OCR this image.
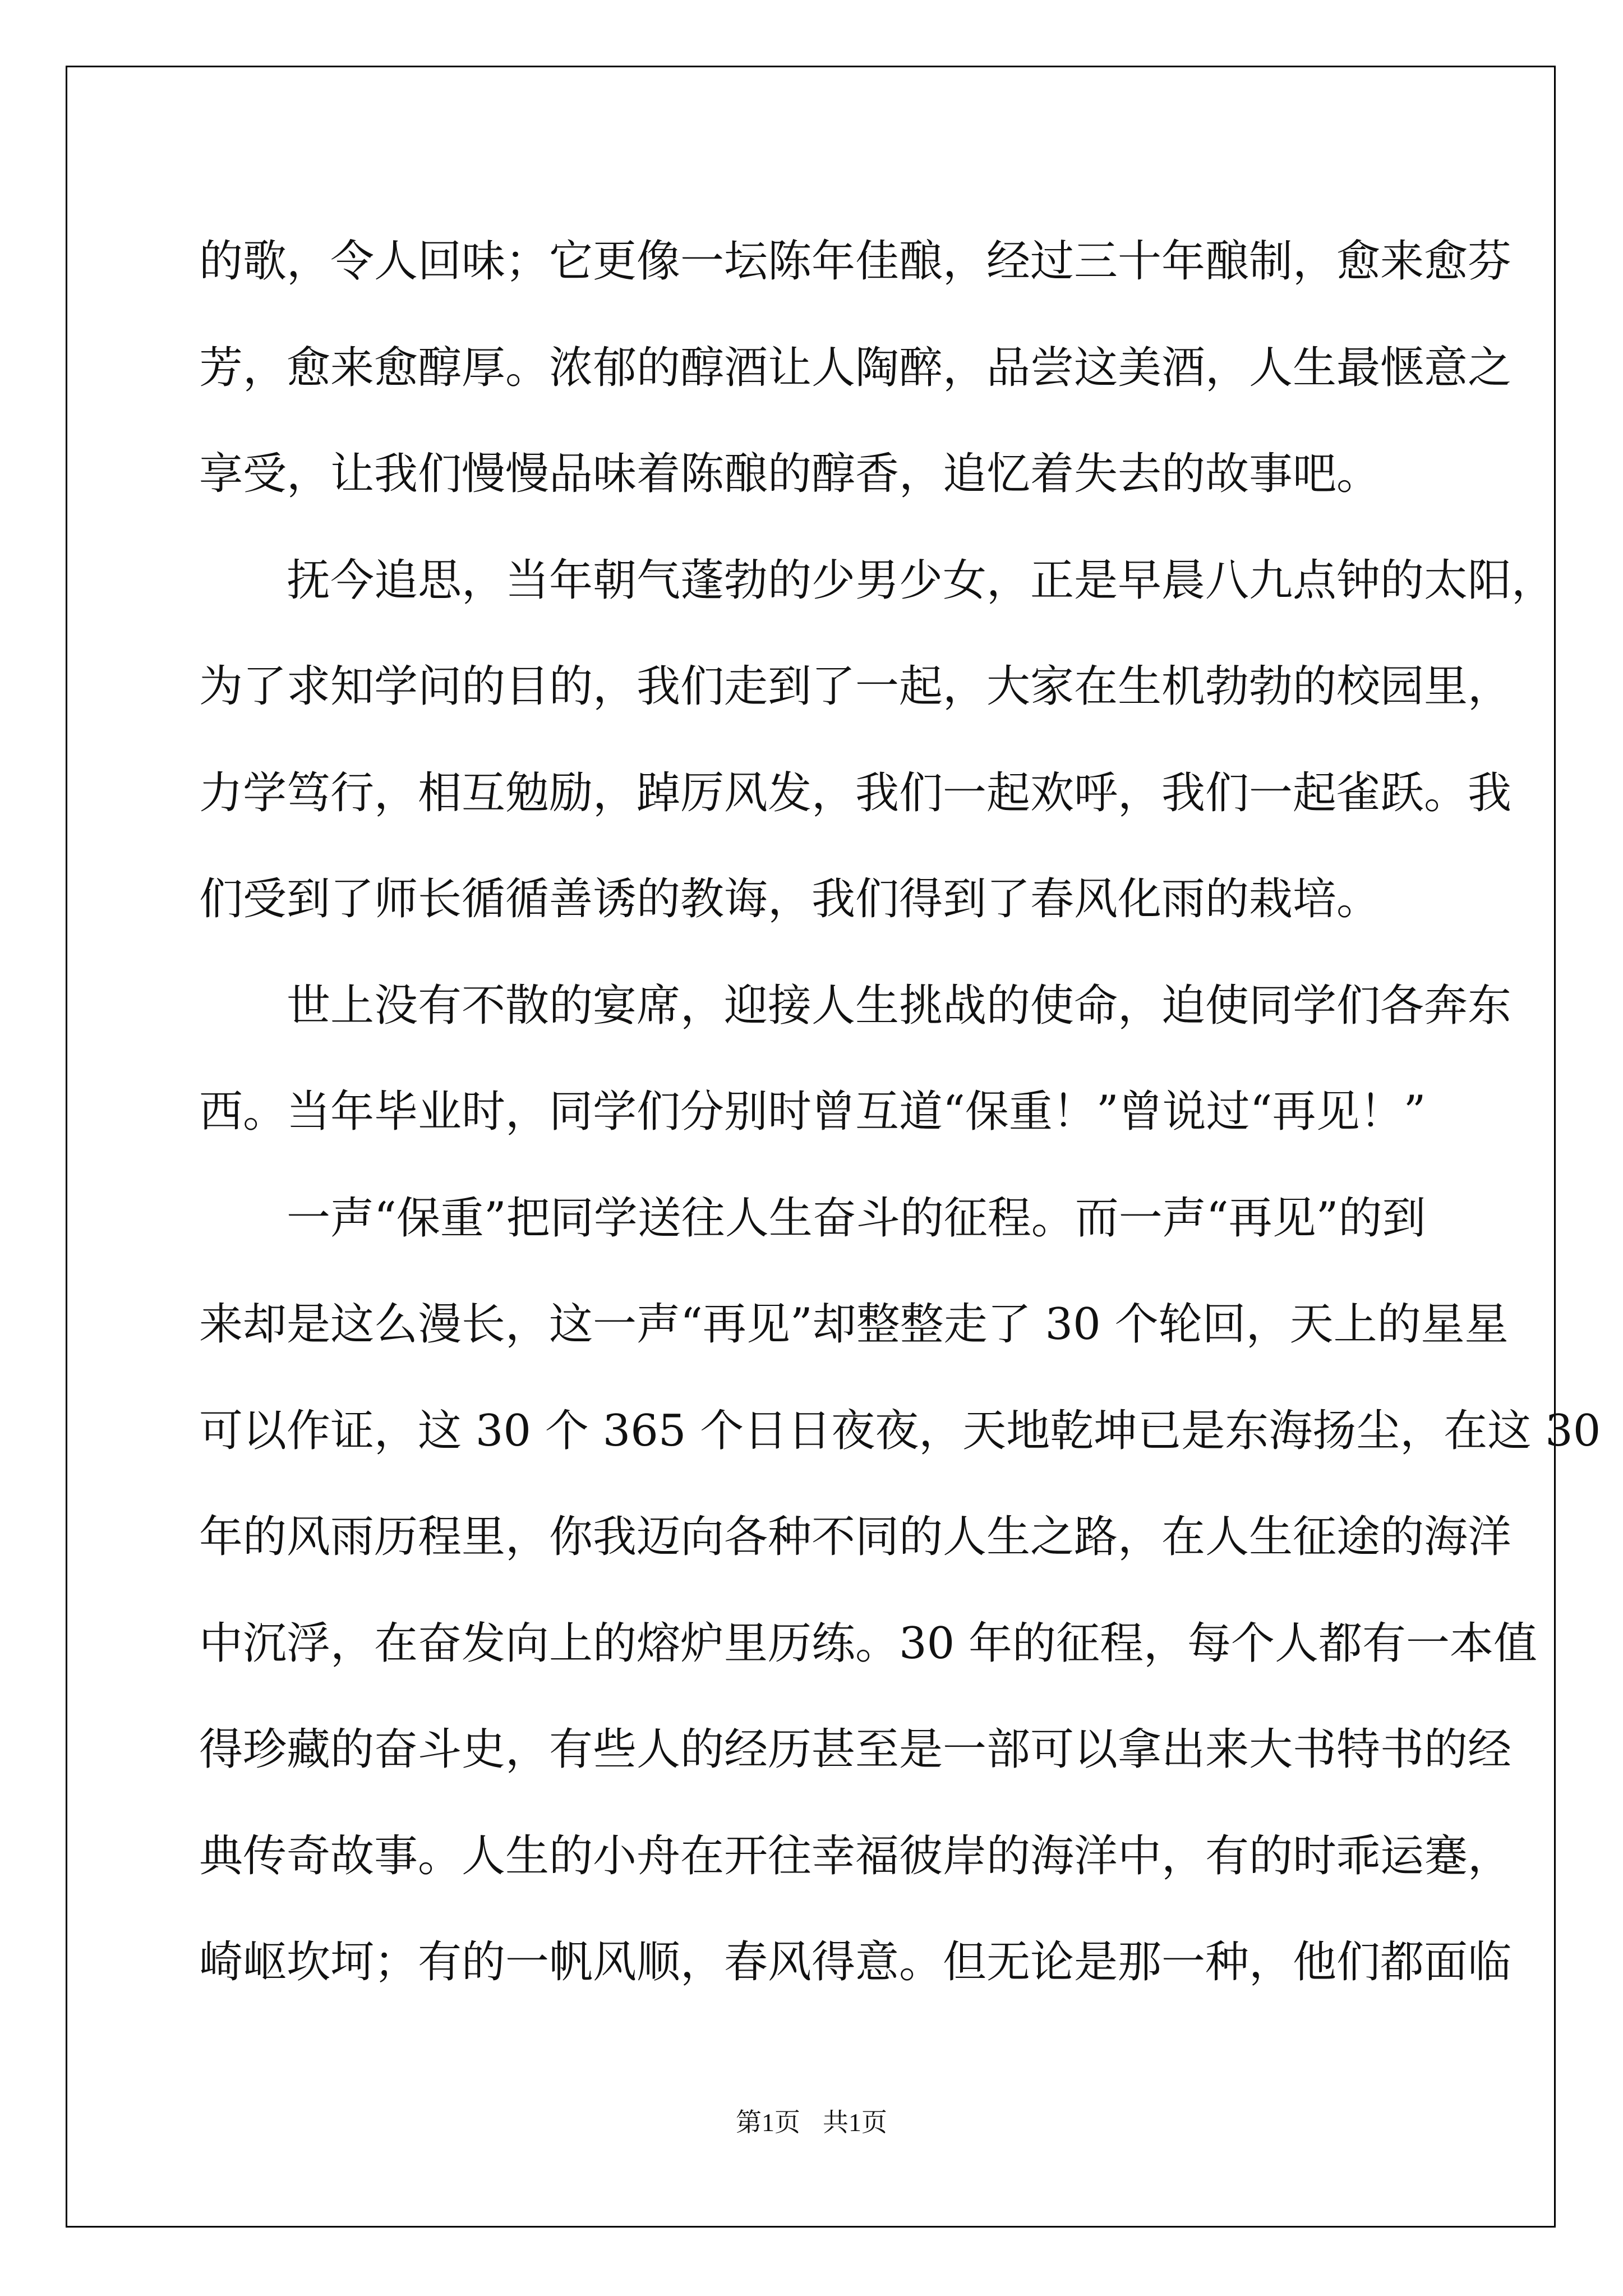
的歌，令人回味；它更像一坛陈年佳酿，经过三十年酿制，愈来愈芬
芳，愈来愈醇厚。浓郁的醇酒让人陶醉，品尝这美酒，人生最惬意之
享受，让我们慢慢品味着陈酿的醇香，追忆着失去的故事吧。
抚今追思，当年朝气蓬勃的少男少女，正是早晨八九点钟的太阳，
为了求知学问的目的，我们走到了一起，大家在生机勃勃的校园里，
力学笃行，相互勉励，踔厉风发，我们一起欢呼，我们一起雀跃。我
们受到了师长循循善诱的教诲，我们得到了春风化雨的栽培。
世上没有不散的宴席，迎接人生挑战的使命，迫使同学们各奔东
西。当年毕业时，同学们分别时曾互道“保重！”曾说过“再见！”
一声“保重”把同学送往人生奋斗的征程。而一声“再见”的到
来却是这么漫长，这一声“再见”却整整走了 30 个轮回，天上的星星
可以作证，这 30 个 365 个日日夜夜，天地乾坤已是东海扬尘，在这 30
年的风雨历程里，你我迈向各种不同的人生之路，在人生征途的海洋
中沉浮，在奋发向上的熔炉里历练。30 年的征程，每个人都有一本值
得珍藏的奋斗史，有些人的经历甚至是一部可以拿出来大书特书的经
典传奇故事。人生的小舟在开往幸福彼岸的海洋中，有的时乖运蹇，
崎岖坎坷；有的一帆风顺，春风得意。但无论是那一种，他们都面临
第1页 共1页
